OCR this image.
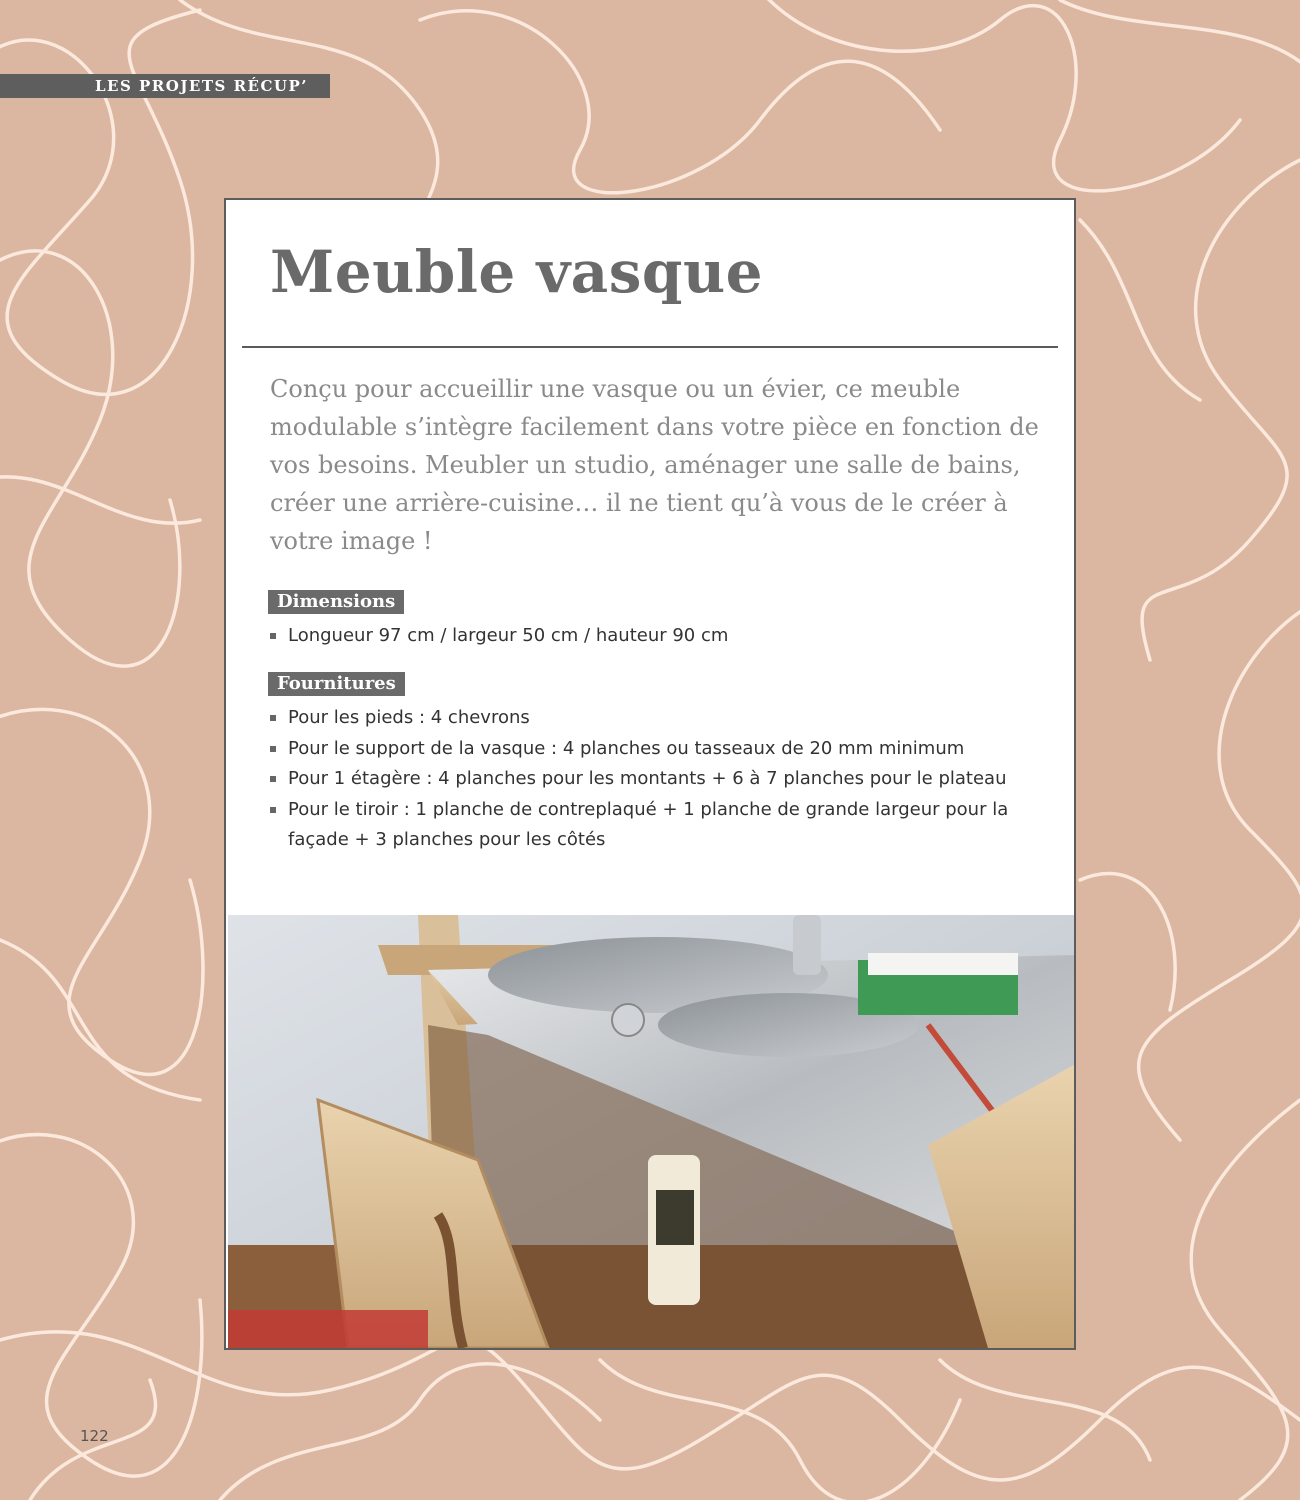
LES PROJETS RÉCUP’
Meuble vasque

Conçu pour accueillir une vasque ou un évier, ce meuble modulable s’intègre facilement dans votre pièce en fonction de vos besoins. Meubler un studio, aménager une salle de bains, créer une arrière-cuisine… il ne tient qu’à vous de le créer à votre image !

Dimensions
Longueur 97 cm / largeur 50 cm / hauteur 90 cm
Fournitures
Pour les pieds : 4 chevrons
Pour le support de la vasque : 4 planches ou tasseaux de 20 mm minimum
Pour 1 étagère : 4 planches pour les montants + 6 à 7 planches pour le plateau
Pour le tiroir : 1 planche de contreplaqué + 1 planche de grande largeur pour la façade + 3 planches pour les côtés
122
